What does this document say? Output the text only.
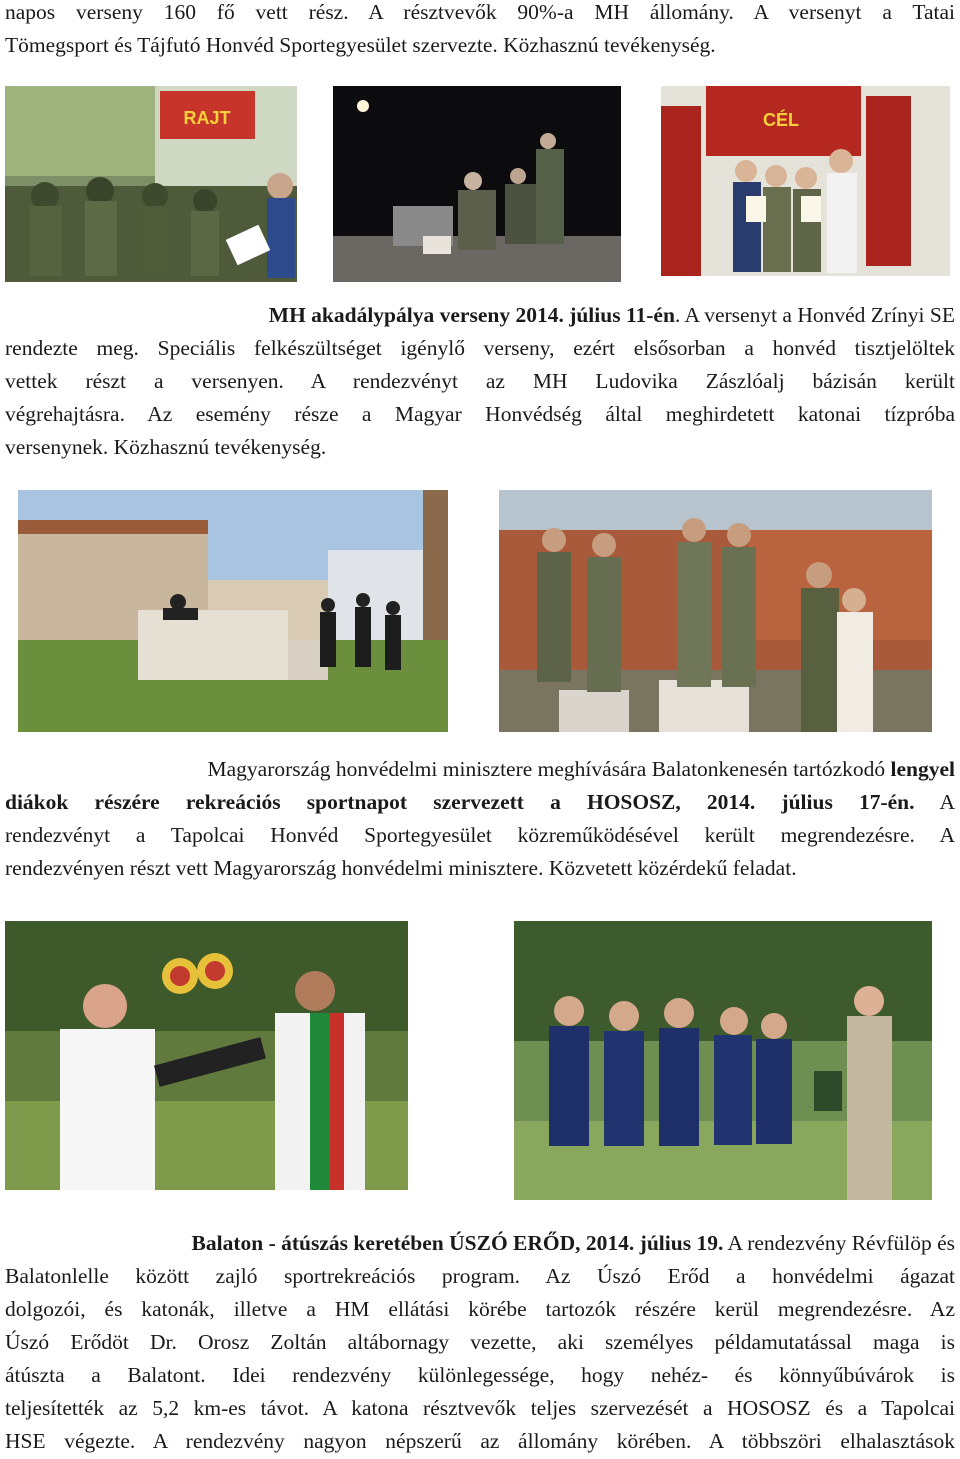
napos verseny 160 fő vett rész. A résztvevők 90%-a MH állomány. A versenyt a Tatai
Tömegsport és Tájfutó Honvéd Sportegyesület szervezte. Közhasznú tevékenység.
RAJT	CÉL
MH akadálypálya verseny 2014. július 11-én. A versenyt a Honvéd Zrínyi SE
rendezte meg. Speciális felkészültséget igénylő verseny, ezért elsősorban a honvéd tisztjelöltek
vettek részt a versenyen. A rendezvényt az MH Ludovika Zászlóalj bázisán került
végrehajtásra. Az esemény része a Magyar Honvédség által meghirdetett katonai tízpróba
versenynek. Közhasznú tevékenység.
Magyarország honvédelmi minisztere meghívására Balatonkenesén tartózkodó lengyel
diákok részére rekreációs sportnapot szervezett a HOSOSZ, 2014. július 17-én. A
rendezvényt a Tapolcai Honvéd Sportegyesület közreműködésével került megrendezésre. A
rendezvényen részt vett Magyarország honvédelmi minisztere. Közvetett közérdekű feladat.
Balaton - átúszás keretében ÚSZÓ ERŐD, 2014. július 19. A rendezvény Révfülöp és
Balatonlelle között zajló sportrekreációs program. Az Úszó Erőd a honvédelmi ágazat
dolgozói, és katonák, illetve a HM ellátási körébe tartozók részére kerül megrendezésre. Az
Úszó Erődöt Dr. Orosz Zoltán altábornagy vezette, aki személyes példamutatással maga is
átúszta a Balatont. Idei rendezvény különlegessége, hogy nehéz- és könnyűbúvárok is
teljesítették az 5,2 km-es távot. A katona résztvevők teljes szervezését a HOSOSZ és a Tapolcai
HSE végezte. A rendezvény nagyon népszerű az állomány körében. A többszöri elhalasztások
